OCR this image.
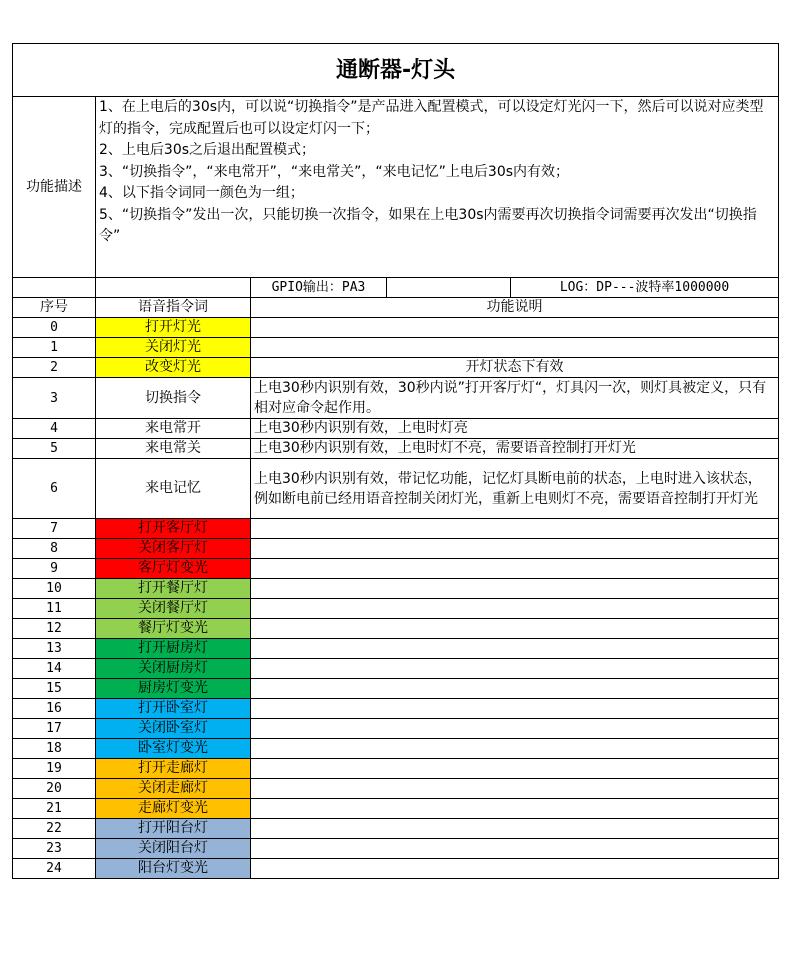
通断器-灯头				
功能描述	1、在上电后的30s内，可以说“切换指令”是产品进入配置模式，可以设定灯光闪一下，然后可以说对应类型灯的指令，完成配置后也可以设定灯闪一下；
2、上电后30s之后退出配置模式；
3、“切换指令”，“来电常开”，“来电常关”，“来电记忆”上电后30s内有效；
4、以下指令词同一颜色为一组；
5、“切换指令”发出一次，只能切换一次指令，如果在上电30s内需要再次切换指令词需要再次发出“切换指令”			

		GPIO输出：PA3		LOG：DP---波特率1000000
序号	语音指令词	功能说明		
0	打开灯光			
1	关闭灯光			
2	改变灯光	开灯状态下有效		
3	切换指令	上电30秒内识别有效，30秒内说”打开客厅灯“，灯具闪一次，则灯具被定义，只有相对应命令起作用。		
4	来电常开	上电30秒内识别有效，上电时灯亮		
5	来电常关	上电30秒内识别有效，上电时灯不亮，需要语音控制打开灯光		
6	来电记忆	上电30秒内识别有效，带记忆功能，记忆灯具断电前的状态，上电时进入该状态，例如断电前已经用语音控制关闭灯光，重新上电则灯不亮，需要语音控制打开灯光		
7	打开客厅灯			
8	关闭客厅灯			
9	客厅灯变光			
10	打开餐厅灯			
11	关闭餐厅灯			
12	餐厅灯变光			
13	打开厨房灯			
14	关闭厨房灯			
15	厨房灯变光			
16	打开卧室灯			
17	关闭卧室灯			
18	卧室灯变光			
19	打开走廊灯			
20	关闭走廊灯			
21	走廊灯变光			
22	打开阳台灯			
23	关闭阳台灯			
24	阳台灯变光			
